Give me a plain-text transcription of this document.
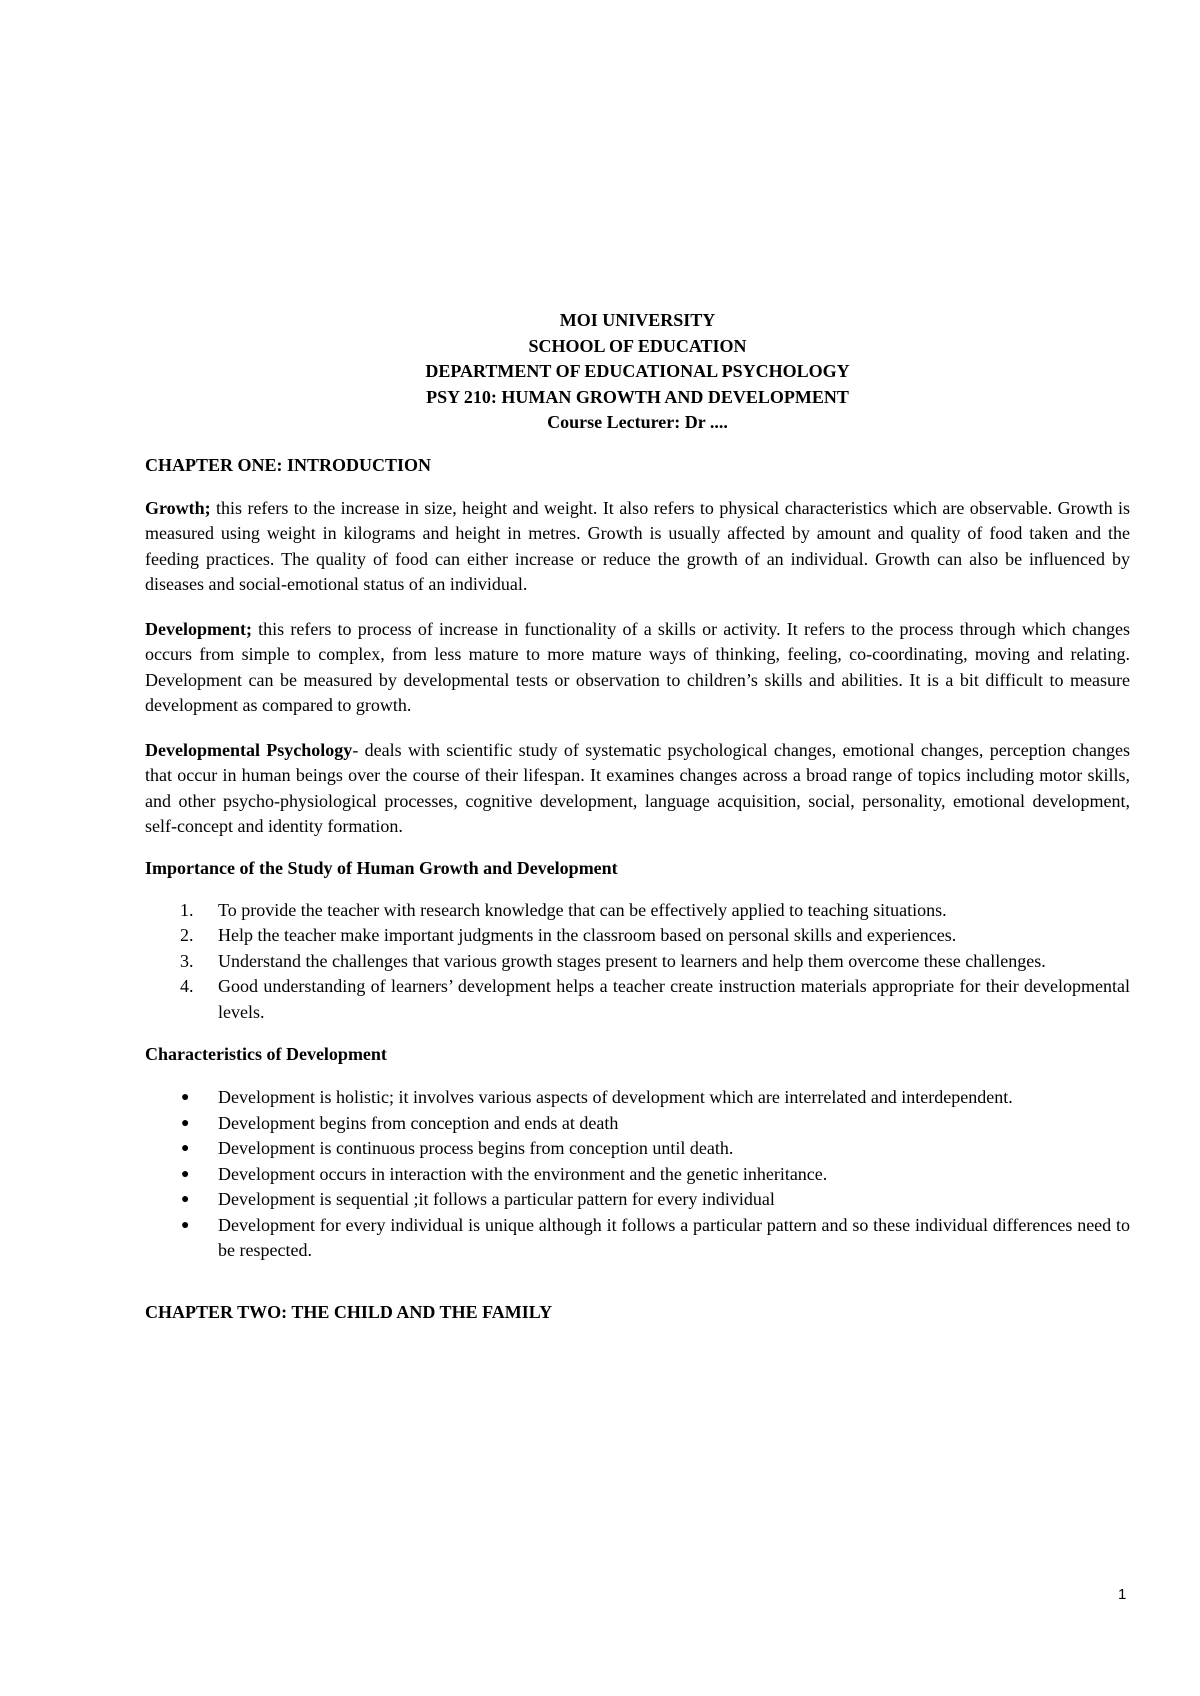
MOI UNIVERSITY
SCHOOL OF EDUCATION
DEPARTMENT OF EDUCATIONAL PSYCHOLOGY
PSY 210: HUMAN GROWTH AND DEVELOPMENT
Course Lecturer: Dr ....

CHAPTER ONE: INTRODUCTION

Growth; this refers to the increase in size, height and weight. It also refers to physical characteristics which are observable. Growth is measured using weight in kilograms and height in metres. Growth is usually affected by amount and quality of food taken and the feeding practices. The quality of food can either increase or reduce the growth of an individual. Growth can also be influenced by diseases and social-emotional status of an individual.

Development; this refers to process of increase in functionality of a skills or activity. It refers to the process through which changes occurs from simple to complex, from less mature to more mature ways of thinking, feeling, co-coordinating, moving and relating. Development can be measured by developmental tests or observation to children’s skills and abilities. It is a bit difficult to measure development as compared to growth.

Developmental Psychology- deals with scientific study of systematic psychological changes, emotional changes, perception changes that occur in human beings over the course of their lifespan. It examines changes across a broad range of topics including motor skills, and other psycho-physiological processes, cognitive development, language acquisition, social, personality, emotional development, self-concept and identity formation.

Importance of the Study of Human Growth and Development

1. To provide the teacher with research knowledge that can be effectively applied to teaching situations.
2. Help the teacher make important judgments in the classroom based on personal skills and experiences.
3. Understand the challenges that various growth stages present to learners and help them overcome these challenges.
4. Good understanding of learners’ development helps a teacher create instruction materials appropriate for their developmental levels.

Characteristics of Development

● Development is holistic; it involves various aspects of development which are interrelated and interdependent.
● Development begins from conception and ends at death
● Development is continuous process begins from conception until death.
● Development occurs in interaction with the environment and the genetic inheritance.
● Development is sequential ;it follows a particular pattern for every individual
● Development for every individual is unique although it follows a particular pattern and so these individual differences need to be respected.

CHAPTER TWO: THE CHILD AND THE FAMILY

1
